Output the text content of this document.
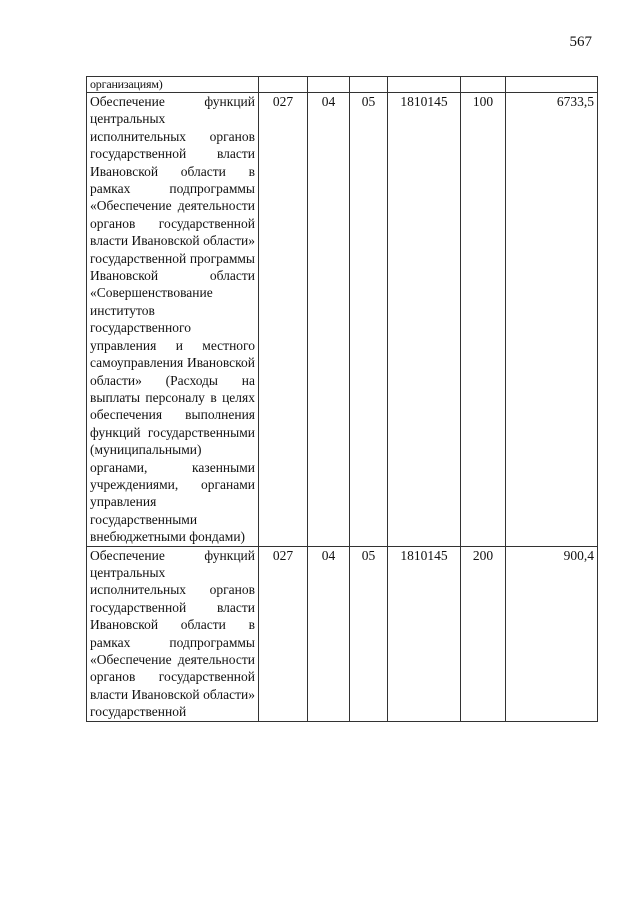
567
организациям)						
Обеспечение функций центральных исполнительных органов государственной власти Ивановской области в рамках подпрограммы «Обеспечение деятельности органов государственной власти Ивановской области» государственной программы Ивановской области «Совершенствование институтов государственного управления и местного самоуправления Ивановской области» (Расходы на выплаты персоналу в целях обеспечения выполнения функций государственными (муниципальными) органами, казенными учреждениями, органами управления государственными внебюджетными фондами)	027	04	05	1810145	100	6733,5
Обеспечение функций центральных исполнительных органов государственной власти Ивановской области в рамках подпрограммы «Обеспечение деятельности органов государственной власти Ивановской области» государственной	027	04	05	1810145	200	900,4
